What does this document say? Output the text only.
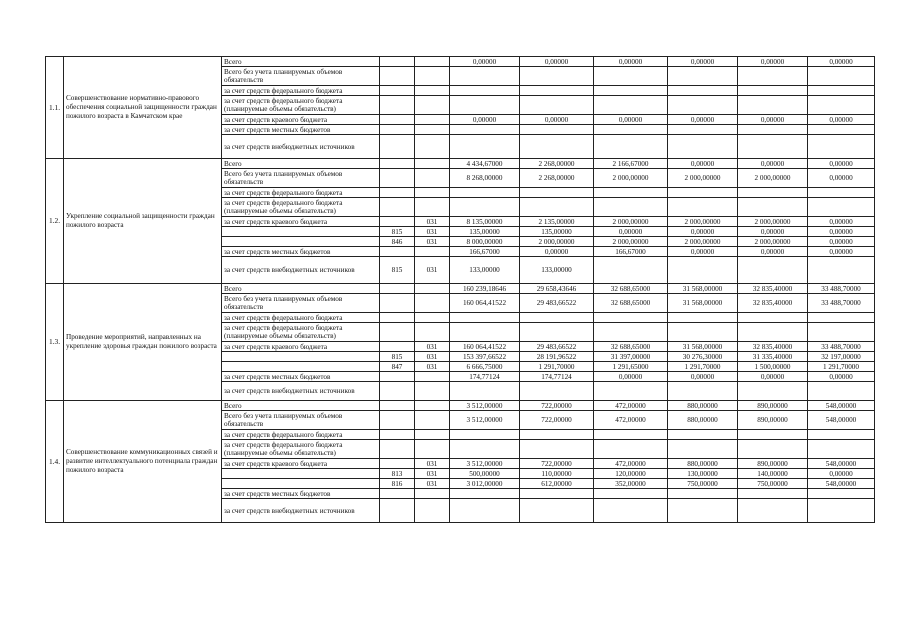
1.1.	Совершенствование нормативно-правового обеспечения социальной защищенности граждан пожилого возраста в Камчатском крае	Всего			0,00000	0,00000	0,00000	0,00000	0,00000	0,00000
		Всего без учета планируемых объемов обязательств								
		за счет средств федерального бюджета								
		за счет средств федерального бюджета (планируемые объемы обязательств)								
		за счет средств краевого бюджета			0,00000	0,00000	0,00000	0,00000	0,00000	0,00000
		за счет средств местных бюджетов								
		за счет средств внебюджетных источников								
1.2.	Укрепление социальной защищенности граждан пожилого возраста	Всего			4 434,67000	2 268,00000	2 166,67000	0,00000	0,00000	0,00000
		Всего без учета планируемых объемов обязательств			8 268,00000	2 268,00000	2 000,00000	2 000,00000	2 000,00000	0,00000
		за счет средств федерального бюджета								
		за счет средств федерального бюджета (планируемые объемы обязательств)								
		за счет средств краевого бюджета		031	8 135,00000	2 135,00000	2 000,00000	2 000,00000	2 000,00000	0,00000
			815	031	135,00000	135,00000	0,00000	0,00000	0,00000	0,00000
			846	031	8 000,00000	2 000,00000	2 000,00000	2 000,00000	2 000,00000	0,00000
		за счет средств местных бюджетов			166,67000	0,00000	166,67000	0,00000	0,00000	0,00000
		за счет средств внебюджетных источников	815	031	133,00000	133,00000				
1.3.	Проведение мероприятий, направленных на укрепление здоровья граждан пожилого возраста	Всего			160 239,18646	29 658,43646	32 688,65000	31 568,00000	32 835,40000	33 488,70000
		Всего без учета планируемых объемов обязательств			160 064,41522	29 483,66522	32 688,65000	31 568,00000	32 835,40000	33 488,70000
		за счет средств федерального бюджета								
		за счет средств федерального бюджета (планируемые объемы обязательств)								
		за счет средств краевого бюджета		031	160 064,41522	29 483,66522	32 688,65000	31 568,00000	32 835,40000	33 488,70000
			815	031	153 397,66522	28 191,96522	31 397,00000	30 276,30000	31 335,40000	32 197,00000
			847	031	6 666,75000	1 291,70000	1 291,65000	1 291,70000	1 500,00000	1 291,70000
		за счет средств местных бюджетов			174,77124	174,77124	0,00000	0,00000	0,00000	0,00000
		за счет средств внебюджетных источников								
1.4.	Совершенствование коммуникационных связей и развитие интеллектуального потенциала граждан пожилого возраста	Всего			3 512,00000	722,00000	472,00000	880,00000	890,00000	548,00000
		Всего без учета планируемых объемов обязательств			3 512,00000	722,00000	472,00000	880,00000	890,00000	548,00000
		за счет средств федерального бюджета								
		за счет средств федерального бюджета (планируемые объемы обязательств)								
		за счет средств краевого бюджета		031	3 512,00000	722,00000	472,00000	880,00000	890,00000	548,00000
			813	031	500,00000	110,00000	120,00000	130,00000	140,00000	0,00000
			816	031	3 012,00000	612,00000	352,00000	750,00000	750,00000	548,00000
		за счет средств местных бюджетов								
		за счет средств внебюджетных источников								
